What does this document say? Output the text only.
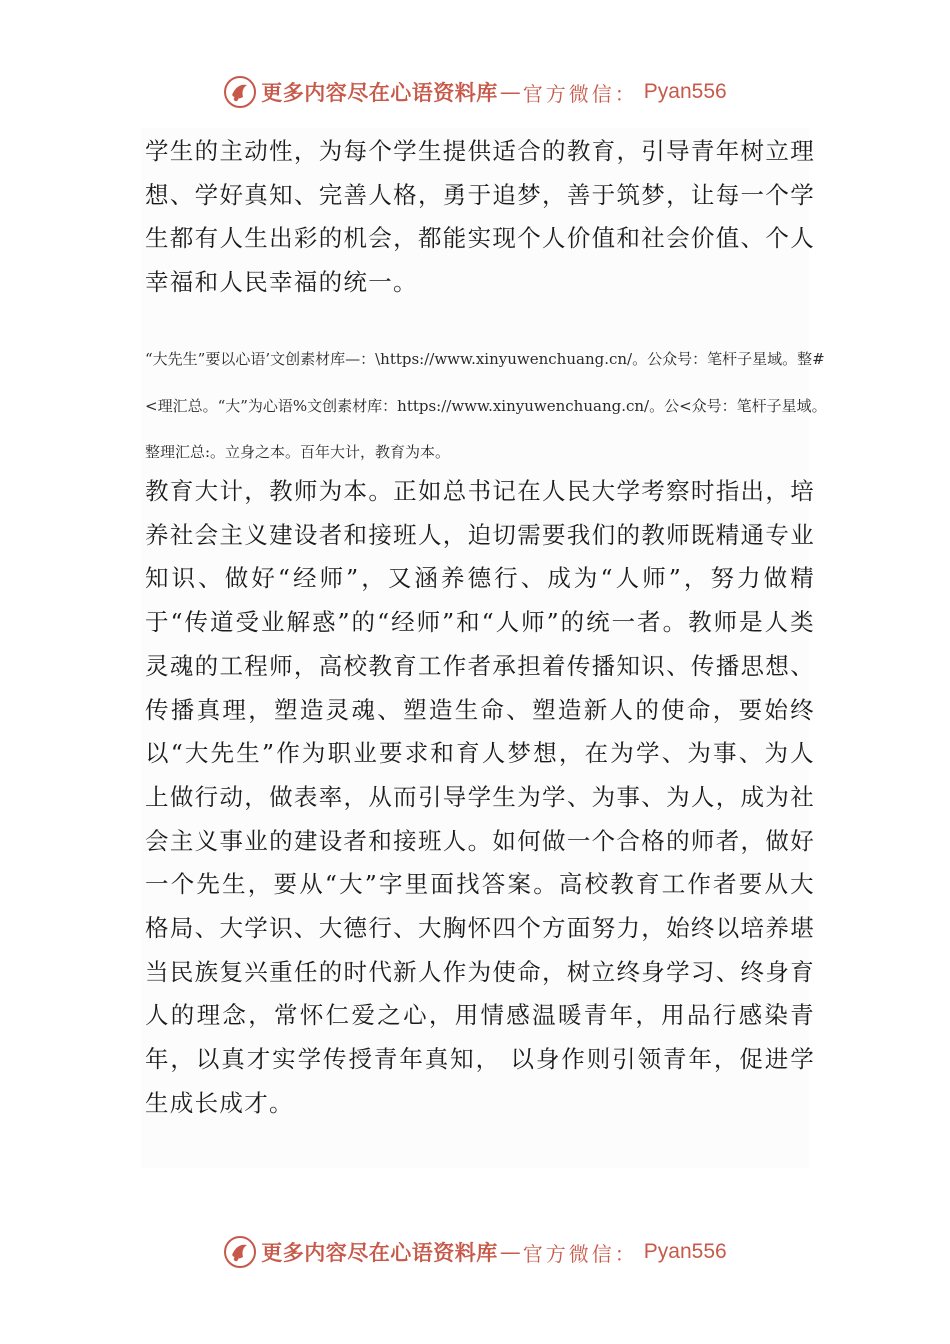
更多内容尽在心语资料库 — 官方微信： Pyan556

学生的主动性，为每个学生提供适合的教育，引导青年树立理想、学好真知、完善人格，勇于追梦，善于筑梦，让每一个学生都有人生出彩的机会，都能实现个人价值和社会价值、个人幸福和人民幸福的统一。

“大先生”要以心语’文创素材库—：\https://www.xinyuwenchuang.cn/。公众号：笔杆子星域。整#<理汇总。“大”为心语%文创素材库：https://www.xinyuwenchuang.cn/。公<众号：笔杆子星域。整理汇总:。立身之本。百年大计，教育为本。

教育大计，教师为本。正如总书记在人民大学考察时指出，培养社会主义建设者和接班人，迫切需要我们的教师既精通专业知识、做好“经师”，又涵养德行、成为“人师”，努力做精于“传道受业解惑”的“经师”和“人师”的统一者。教师是人类灵魂的工程师，高校教育工作者承担着传播知识、传播思想、传播真理，塑造灵魂、塑造生命、塑造新人的使命，要始终以“大先生”作为职业要求和育人梦想，在为学、为事、为人上做行动，做表率，从而引导学生为学、为事、为人，成为社会主义事业的建设者和接班人。如何做一个合格的师者，做好一个先生，要从“大”字里面找答案。高校教育工作者要从大格局、大学识、大德行、大胸怀四个方面努力，始终以培养堪当民族复兴重任的时代新人作为使命，树立终身学习、终身育人的理念，常怀仁爱之心，用情感温暖青年，用品行感染青年，以真才实学传授青年真知， 以身作则引领青年，促进学生成长成才。

更多内容尽在心语资料库 — 官方微信： Pyan556
